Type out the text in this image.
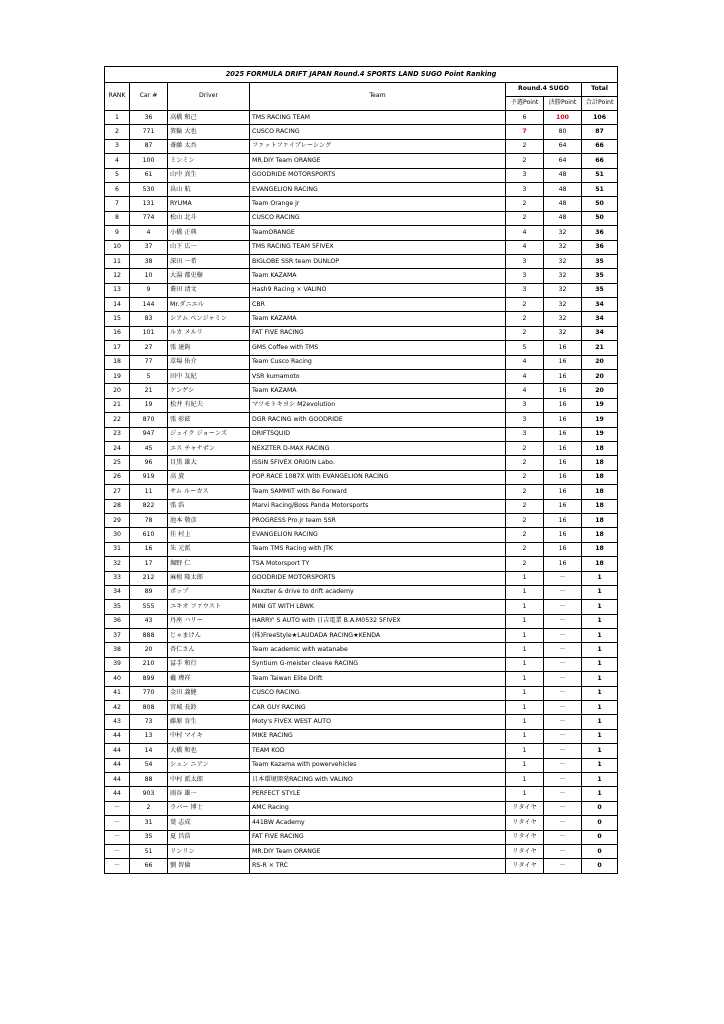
2025 FORMULA DRIFT JAPAN Round.4 SPORTS LAND SUGO Point Ranking						
RANK	Car #	Driver	Team	Round.4 SUGO		Total
				予選Point	決勝Point	合計Point
1	36	高橋 和己	TMS RACING TEAM	6	100	106
2	771	箕輪 大也	CUSCO RACING	7	80	87
3	87	斎藤 太吾	ファットファイブレーシング	2	64	66
4	100	ミンミン	MR.DIY Team ORANGE	2	64	66
5	61	山中 真生	GOODRIDE MOTORSPORTS	3	48	51
6	530	畠山 航	EVANGELION RACING	3	48	51
7	131	RYUMA	Team Orange jr	2	48	50
8	774	松山 北斗	CUSCO RACING	2	48	50
9	4	小橋 正典	TeamORANGE	4	32	36
10	37	山下 広一	TMS RACING TEAM 5FIVEX	4	32	36
11	38	深田 一希	BIGLOBE SSR team DUNLOP	3	32	35
12	10	大湯 都史樹	Team KAZAMA	3	32	35
13	9	蕎田 清文	Hash9 Racing × VALINO	3	32	35
14	144	Mr.ダニエル	CBR	2	32	34
15	83	シアム ベンジャミン	Team KAZAMA	2	32	34
16	101	ルカ メルリ	FAT FIVE RACING	2	32	34
17	27	張 達鉤	GMS Coffee with TMS	5	16	21
18	77	草場 佑介	Team Cusco Racing	4	16	20
19	5	田中 友紀	VSR kumamoto	4	16	20
20	21	ケンゲシ	Team KAZAMA	4	16	20
21	19	松井 有紀夫	マツモトキヨシ M2evolution	3	16	19
22	870	張 彰鉉	DGR RACING with GOODRIDE	3	16	19
23	947	ジェイク ジョーンズ	DRIFTSQUID	3	16	19
24	45	エス チャナポン	NEXZTER D-MAX RACING	2	16	18
25	96	目黒 雄大	ISSIN 5FIVEX ORIGIN Labo.	2	16	18
26	919	高 旋	POP RACE 1087X With EVANGELION RACING	2	16	18
27	11	サム ルーカス	Team SAMMIT with Be Forward	2	16	18
28	822	張 浩	Marvi Racing/Boss Panda Motorsports	2	16	18
29	78	池本 敬彦	PROGRESS Pro.jr team SSR	2	16	18
30	610	佳 村上	EVANGELION RACING	2	16	18
31	16	朱 元派	Team TMS Racing with JTK	2	16	18
32	17	堀野 仁	TSA Motorsport TY	2	16	18
33	212	麻植 隆太郎	GOODRIDE MOTORSPORTS	1	－	1
34	89	ポップ	Nexzter & drive to drift academy	1	－	1
35	555	ユキオ ファウスト	MINI GT WITH LBWK	1	－	1
36	43	丹座 ハリー	HARRY' S AUTO with 日吉電業 B.A.M0532 5FIVEX	1	－	1
37	888	じゃまけん	(株)FreeStyle★LAUDADA RACING★KENDA	1	－	1
38	20	杏仁さん	Team academic with watanabe	1	－	1
39	210	冨手 和行	Syntium G-meister cleave RACING	1	－	1
40	899	戴 瑋祥	Team Taiwan Elite Drift	1	－	1
41	770	金田 義健	CUSCO RACING	1	－	1
42	808	宮城 長鈴	CAR GUY RACING	1	－	1
43	73	藤原 育生	Moty's FIVEX WEST AUTO	1	－	1
44	13	中村 マイキ	MIKE RACING	1	－	1
44	14	大橋 和也	TEAM KOD	1	－	1
44	54	シェン ニアン	Team Kazama with powervehicles	1	－	1
44	88	中村 派太郎	日本環境開発RACING with VALINO	1	－	1
44	903	雨谷 雄一	PERFECT STYLE	1	－	1
－	2	ラバー 博士	AMC Racing	リタイヤ	－	0
－	31	葉 志成	441BW Academy	リタイヤ	－	0
－	35	夏 昌浩	FAT FIVE RACING	リタイヤ	－	0
－	51	リンリン	MR.DIY Team ORANGE	リタイヤ	－	0
－	66	劉 智倫	RS-R × TRC	リタイヤ	－	0
